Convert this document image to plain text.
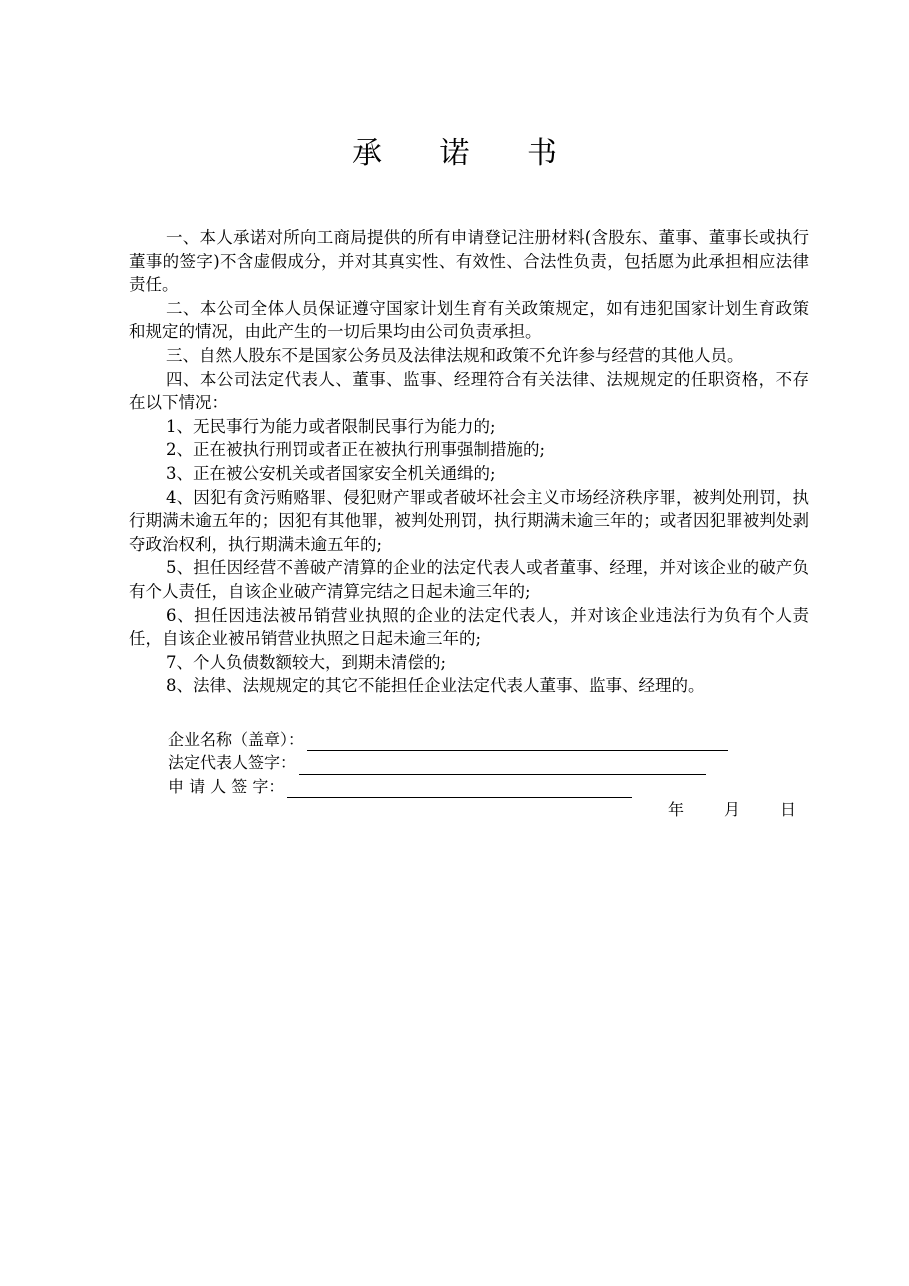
承 诺 书

一、本人承诺对所向工商局提供的所有申请登记注册材料(含股东、董事、董事长或执行董事的签字)不含虚假成分，并对其真实性、有效性、合法性负责，包括愿为此承担相应法律责任。

二、本公司全体人员保证遵守国家计划生育有关政策规定，如有违犯国家计划生育政策和规定的情况，由此产生的一切后果均由公司负责承担。

三、自然人股东不是国家公务员及法律法规和政策不允许参与经营的其他人员。

四、本公司法定代表人、董事、监事、经理符合有关法律、法规规定的任职资格，不存在以下情况：

1、无民事行为能力或者限制民事行为能力的;

2、正在被执行刑罚或者正在被执行刑事强制措施的;

3、正在被公安机关或者国家安全机关通缉的;

4、因犯有贪污贿赂罪、侵犯财产罪或者破坏社会主义市场经济秩序罪，被判处刑罚，执行期满未逾五年的；因犯有其他罪，被判处刑罚，执行期满未逾三年的；或者因犯罪被判处剥夺政治权利，执行期满未逾五年的;

5、担任因经营不善破产清算的企业的法定代表人或者董事、经理，并对该企业的破产负有个人责任，自该企业破产清算完结之日起未逾三年的;

6、担任因违法被吊销营业执照的企业的法定代表人，并对该企业违法行为负有个人责任，自该企业被吊销营业执照之日起未逾三年的;

7、个人负债数额较大，到期未清偿的;

8、法律、法规规定的其它不能担任企业法定代表人董事、监事、经理的。

企业名称（盖章）：
法定代表人签字：
申 请 人 签 字：
年	月	日
